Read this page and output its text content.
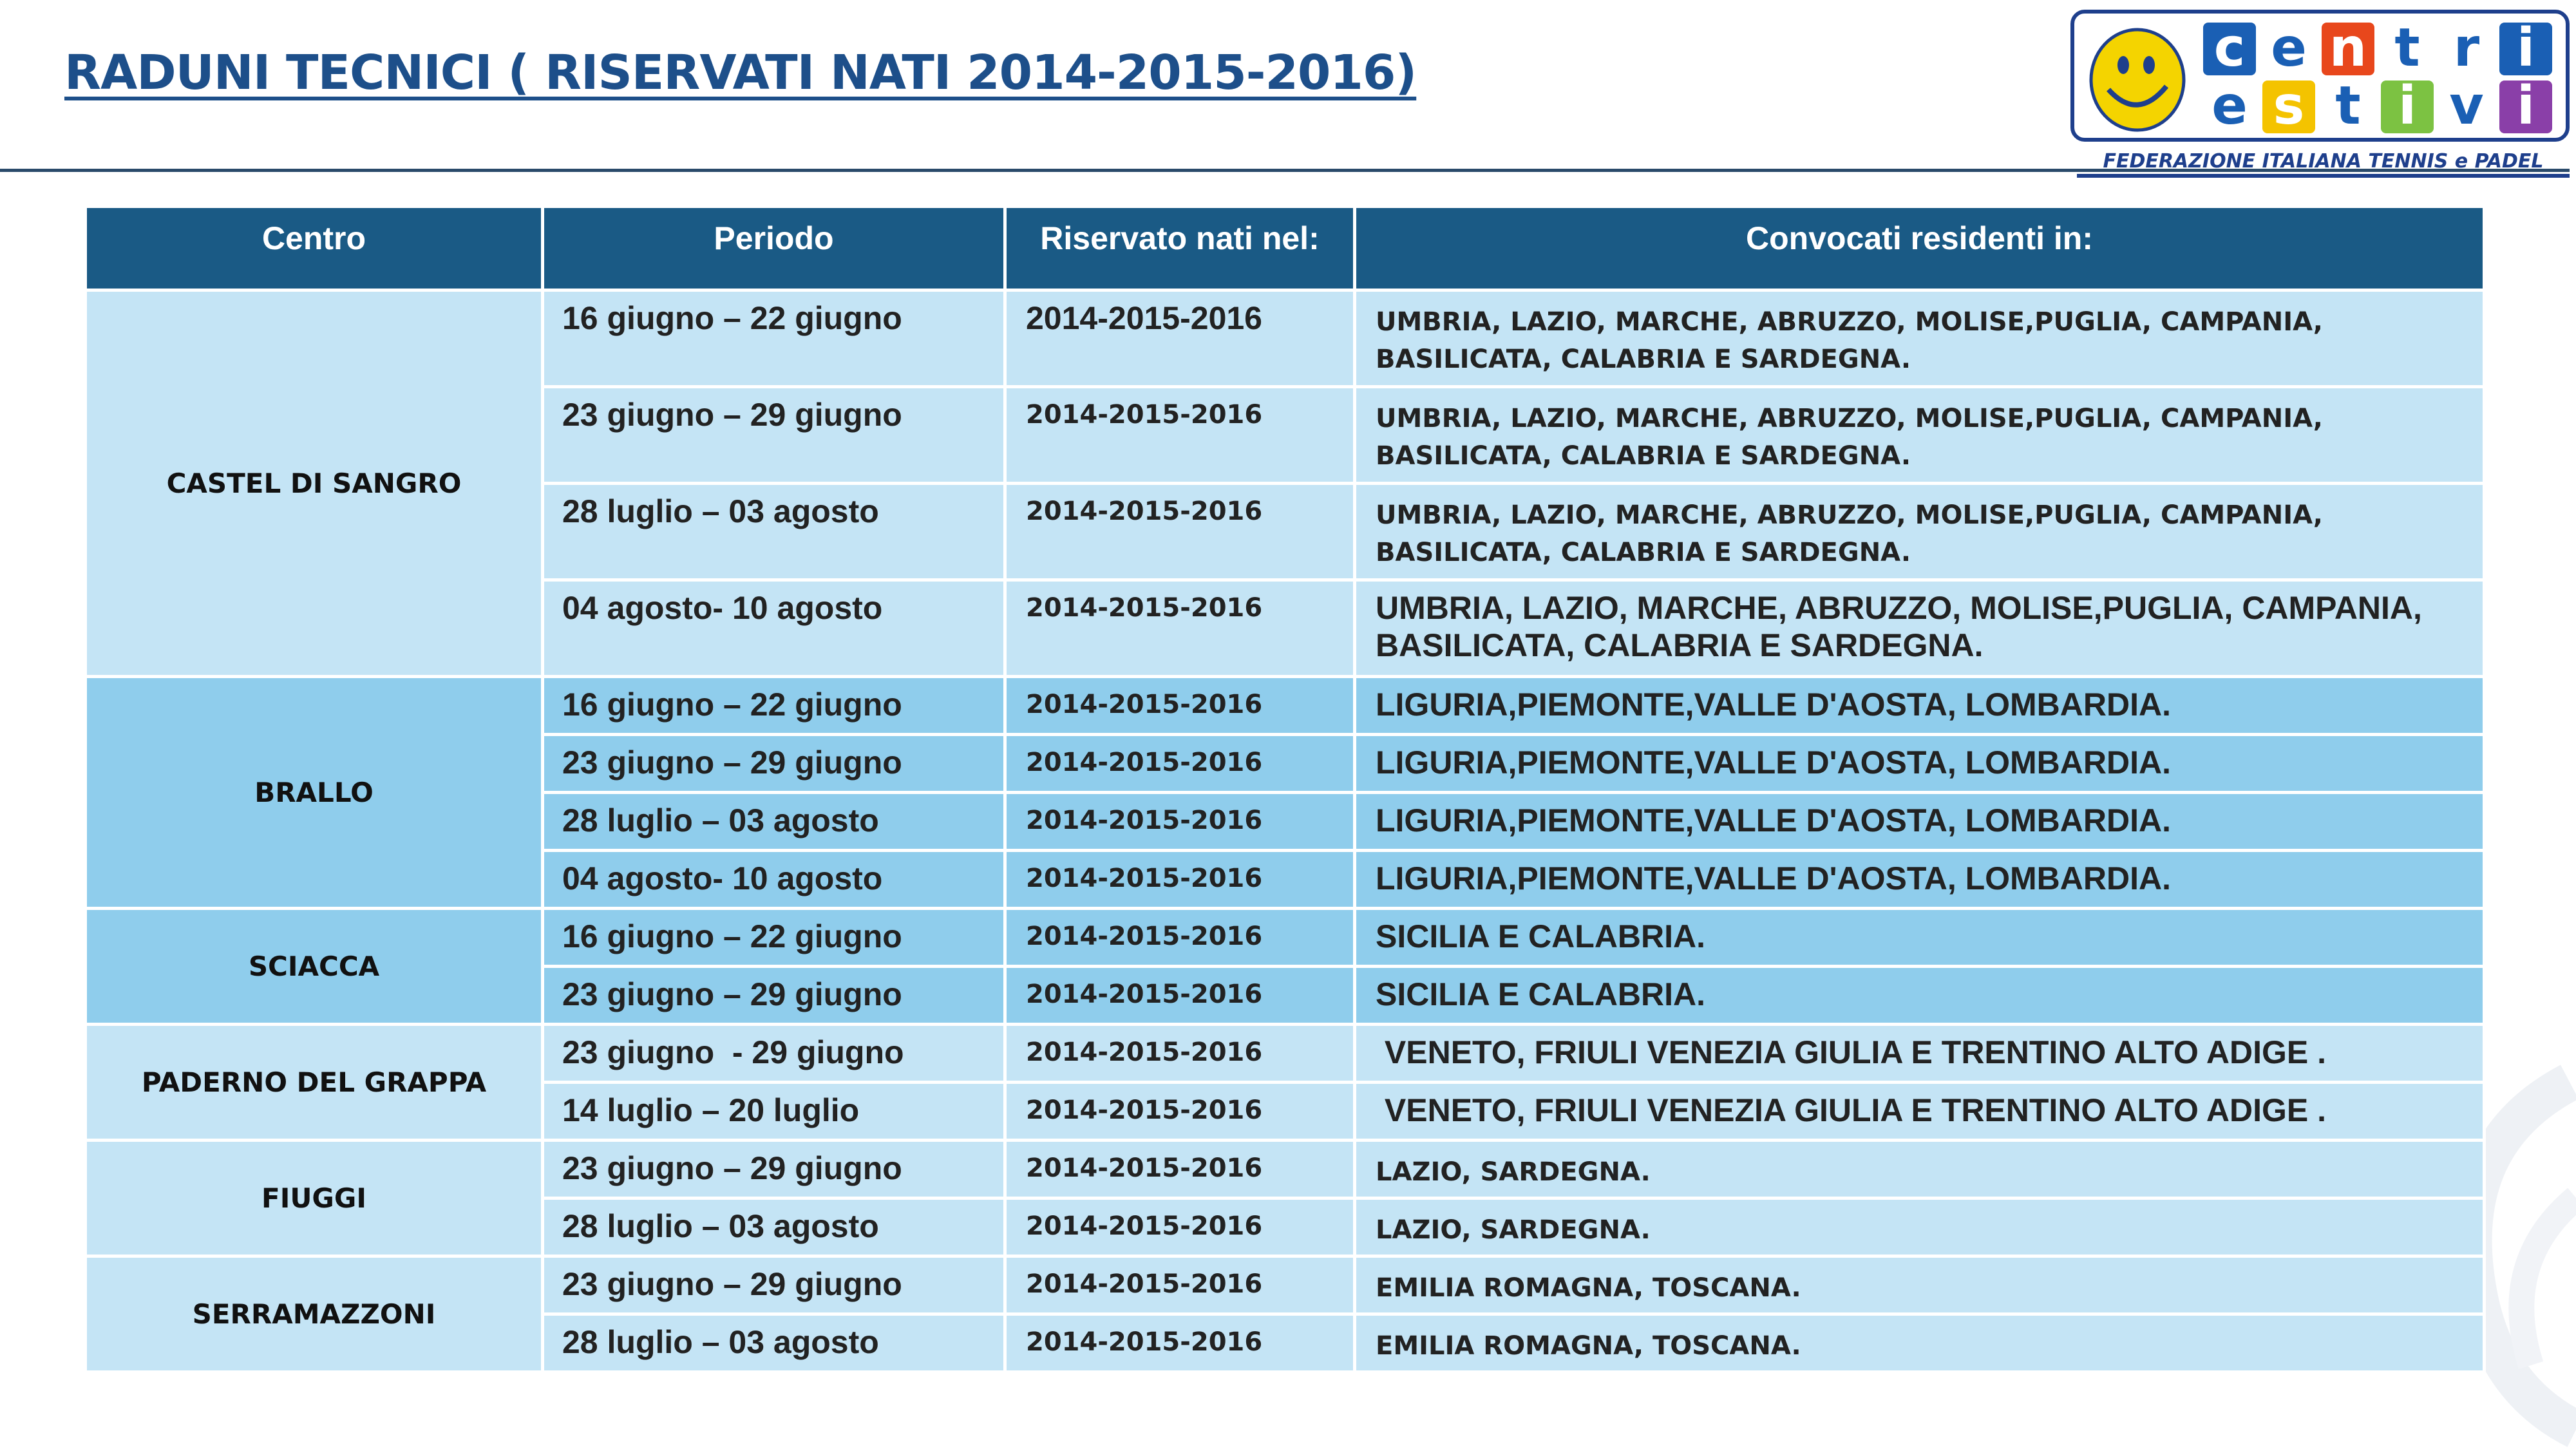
RADUNI TECNICI ( RISERVATI NATI 2014-2015-2016)	c e n t r i
e s t i v i
FEDERAZIONE ITALIANA TENNIS e PADEL
Centro	Periodo	Riservato nati nel:	Convocati residenti in:
CASTEL DI SANGRO	16 giugno – 22 giugno	2014-2015-2016	UMBRIA, LAZIO, MARCHE, ABRUZZO, MOLISE,PUGLIA, CAMPANIA, BASILICATA, CALABRIA E SARDEGNA.
	23 giugno – 29 giugno	2014-2015-2016	UMBRIA, LAZIO, MARCHE, ABRUZZO, MOLISE,PUGLIA, CAMPANIA, BASILICATA, CALABRIA E SARDEGNA.
	28 luglio – 03 agosto	2014-2015-2016	UMBRIA, LAZIO, MARCHE, ABRUZZO, MOLISE,PUGLIA, CAMPANIA, BASILICATA, CALABRIA E SARDEGNA.
	04 agosto- 10 agosto	2014-2015-2016	UMBRIA, LAZIO, MARCHE, ABRUZZO, MOLISE,PUGLIA, CAMPANIA, BASILICATA, CALABRIA E SARDEGNA.
BRALLO	16 giugno – 22 giugno	2014-2015-2016	LIGURIA,PIEMONTE,VALLE D'AOSTA, LOMBARDIA.
	23 giugno – 29 giugno	2014-2015-2016	LIGURIA,PIEMONTE,VALLE D'AOSTA, LOMBARDIA.
	28 luglio – 03 agosto	2014-2015-2016	LIGURIA,PIEMONTE,VALLE D'AOSTA, LOMBARDIA.
	04 agosto- 10 agosto	2014-2015-2016	LIGURIA,PIEMONTE,VALLE D'AOSTA, LOMBARDIA.
SCIACCA	16 giugno – 22 giugno	2014-2015-2016	SICILIA E CALABRIA.
	23 giugno – 29 giugno	2014-2015-2016	SICILIA E CALABRIA.
PADERNO DEL GRAPPA	23 giugno  - 29 giugno	2014-2015-2016	VENETO, FRIULI VENEZIA GIULIA E TRENTINO ALTO ADIGE .
	14 luglio – 20 luglio	2014-2015-2016	VENETO, FRIULI VENEZIA GIULIA E TRENTINO ALTO ADIGE .
FIUGGI	23 giugno – 29 giugno	2014-2015-2016	LAZIO, SARDEGNA.
	28 luglio – 03 agosto	2014-2015-2016	LAZIO, SARDEGNA.
SERRAMAZZONI	23 giugno – 29 giugno	2014-2015-2016	EMILIA ROMAGNA, TOSCANA.
	28 luglio – 03 agosto	2014-2015-2016	EMILIA ROMAGNA, TOSCANA.
